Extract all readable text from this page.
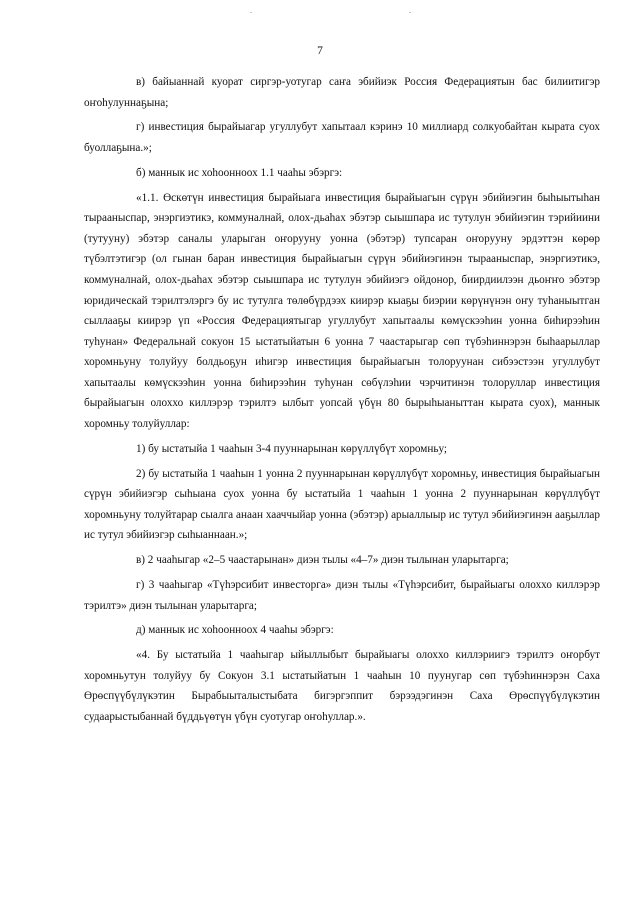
7

в) байыаннай куорат сиргэр-уотугар саҥа эбийиэк Россия Федерациятын бас билиитигэр оҥоһулуннаҕына;

г) инвестиция бырайыагар угуллубут хапытаал кэринэ 10 миллиард солкуобайтан кырата суох буоллаҕына.»;

б) маннык ис хоһооннoох 1.1 чааһы эбэргэ:

«1.1. Өскөтүн инвестиция бырайыага инвестиция бырайыагын сүрүн эбийиэгин быһыытыһан тырааныспар, энэргиэтикэ, коммуналнай, олох-дьаһах эбэтэр сыышпара ис тутулун эбийиэгин тэрийиини (тутууну) эбэтэр саналы уларыган оҥорууну уонна (эбэтэр) тупсаран оҥорууну эрдэттэн көрөр түбэлтэтигэр (ол гынан баран инвестиция бырайыагын сүрүн эбийиэгинэн тырааныспар, энэргиэтикэ, коммуналнай, олох-дьаһах эбэтэр сыышпара ис тутулун эбийиэгэ ойдоноp, бииpдиилээн дьоҥҥо эбэтэр юридическай тэрилтэлэргэ бу ис тутулга төлөбүрдээх киирэр кыаҕы биэрии көрүнүнэн оҥу туһаныытган сыллааҕы киирэр үп «Россия Федерациятыгар угуллубут хапытаалы көмүскээһин уонна биһирээһин туһунан» Федеральнай сокуон 15 ыстатыйатын 6 уонна 7 чаастарыгар сөп түбэһиннэрэн быһаарыллар хоромньуну толуйуу болдьоҕун иһигэр инвестиция бырайыагын толоруунан сибээстээн угуллубут хапытаалы көмүскээһин уонна биһирээһин туһунан сөбүлэһии чэрчитинэн толоруллар инвестиция бырайыагын олоххо киллэрэр тэрилтэ ылбыт уопсай үбүн 80 бырыһыаныттан кырата суох), маннык хоромньу толуйуллар:

1) бу ыстатыйа 1 чааһын 3-4 пууннарынан көрүллүбүт хоромньу;

2) бу ыстатыйа 1 чааһын 1 уонна 2 пууннарынан көрүллүбүт хоромньу, инвестиция бырайыагын сүрүн эбийиэгэр сыһыана суох уонна бу ыстатыйа 1 чааһын 1 уонна 2 пууннарынан көрүллүбүт хоромньуну толуйтарар сыалга анаан хааччыйар уонна (эбэтэр) арыаллыыр ис тутул эбийиэгинэн ааҕыллар ис тутул эбийиэгэр сыһыаннаан.»;

в) 2 чааһыгар «2–5 чаастарынан» диэн тылы «4–7» диэн тылынан уларытарга;

г) 3 чааһыгар «Түһэрсибит инвесторга» диэн тылы «Түһэрсибит, бырайыагы олоххо киллэрэр тэрилтэ» диэн тылынан уларытарга;

д) маннык ис хоһооннoох 4 чааһы эбэргэ:

«4. Бу ыстатыйа 1 чааһыгар ыйыллыбыт бырайыагы олоххо киллэриигэ тэрилтэ оҥорбут хоромньутун толуйуу бу Сокуон 3.1 ыстатыйатын 1 чааһын 10 пуунугар сөп түбэһиннэрэн Саха Өрөспүүбүлүкэтин Бырабыыталыстыбата бигэргэппит бэрээдэгинэн Саха Өрөспүүбүлүкэтин судаарыстыбаннай бүддьүөтүн үбүн суотугар оҥоһуллар.».
